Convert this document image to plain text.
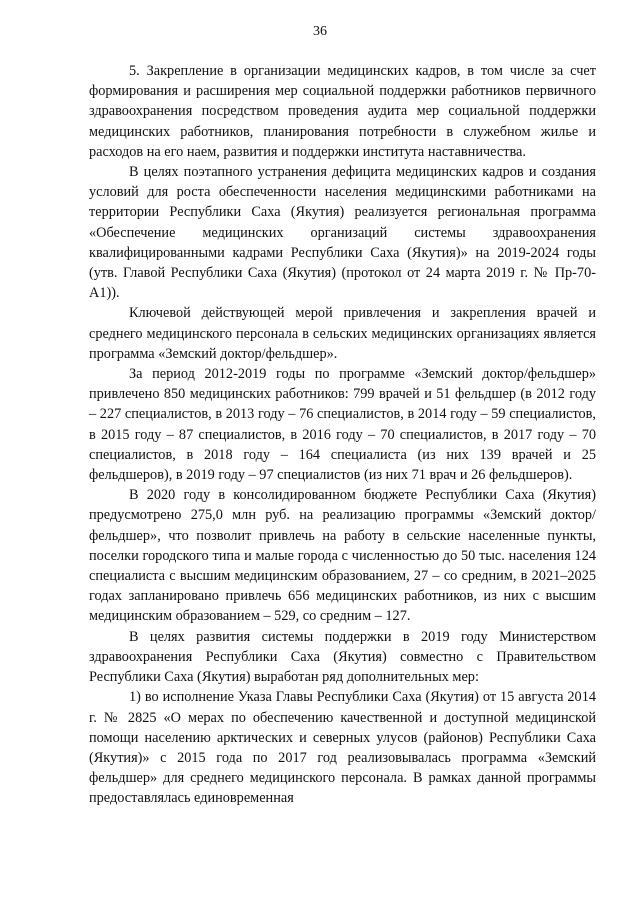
36

5. Закрепление в организации медицинских кадров, в том числе за счет формирования и расширения мер социальной поддержки работников первичного здравоохранения посредством проведения аудита мер социальной поддержки медицинских работников, планирования потребности в служебном жилье и расходов на его наем, развития и поддержки института наставничества.

В целях поэтапного устранения дефицита медицинских кадров и создания условий для роста обеспеченности населения медицинскими работниками на территории Республики Саха (Якутия) реализуется региональная программа «Обеспечение медицинских организаций системы здравоохранения квалифицированными кадрами Республики Саха (Якутия)» на 2019-2024 годы (утв. Главой Республики Саха (Якутия) (протокол от 24 марта 2019 г. № Пр-70-А1)).

Ключевой действующей мерой привлечения и закрепления врачей и среднего медицинского персонала в сельских медицинских организациях является программа «Земский доктор/фельдшер».

За период 2012-2019 годы по программе «Земский доктор/фельдшер» привлечено 850 медицинских работников: 799 врачей и 51 фельдшер (в 2012 году – 227 специалистов, в 2013 году – 76 специалистов, в 2014 году – 59 специалистов, в 2015 году – 87 специалистов, в 2016 году – 70 специалистов, в 2017 году – 70 специалистов, в 2018 году – 164 специалиста (из них 139 врачей и 25 фельдшеров), в 2019 году – 97 специалистов (из них 71 врач и 26 фельдшеров).

В 2020 году в консолидированном бюджете Республики Саха (Якутия) предусмотрено 275,0 млн руб. на реализацию программы «Земский доктор/фельдшер», что позволит привлечь на работу в сельские населенные пункты, поселки городского типа и малые города с численностью до 50 тыс. населения 124 специалиста с высшим медицинским образованием, 27 – со средним, в 2021–2025 годах запланировано привлечь 656 медицинских работников, из них с высшим медицинским образованием – 529, со средним – 127.

В целях развития системы поддержки в 2019 году Министерством здравоохранения Республики Саха (Якутия) совместно с Правительством Республики Саха (Якутия) выработан ряд дополнительных мер:

1) во исполнение Указа Главы Республики Саха (Якутия) от 15 августа 2014 г. № 2825 «О мерах по обеспечению качественной и доступной медицинской помощи населению арктических и северных улусов (районов) Республики Саха (Якутия)» с 2015 года по 2017 год реализовывалась программа «Земский фельдшер» для среднего медицинского персонала. В рамках данной программы предоставлялась единовременная
